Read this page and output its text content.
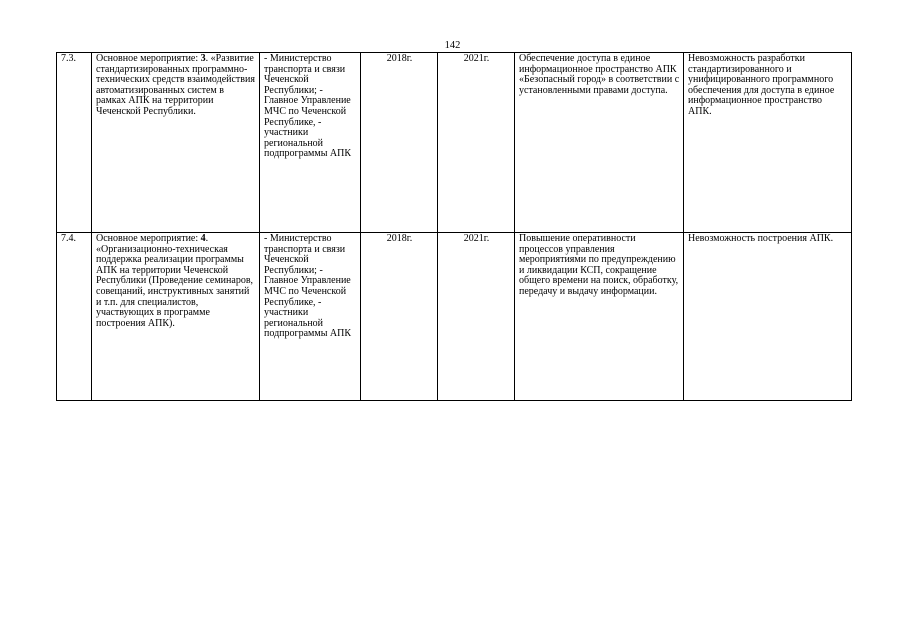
142
7.3.	Основное мероприятие: 3. «Развитие стандартизированных программно-технических средств взаимодействия автоматизированных систем в рамках АПК на территории Чеченской Республики.	- Министерство транспорта и связи Чеченской Республики; - Главное Управление МЧС по Чеченской Республике, - участники региональной подпрограммы АПК	2018г.	2021г.	Обеспечение доступа в единое информационное пространство АПК «Безопасный город» в соответствии с установленными правами доступа.	Невозможность разработки стандартизированного и унифицированного программного обеспечения для доступа в единое информационное пространство АПК.
7.4.	Основное мероприятие: 4. «Организационно-техническая поддержка реализации программы АПК на территории Чеченской Республики (Проведение семинаров, совещаний, инструктивных занятий и т.п. для специалистов, участвующих в программе построения АПК).	- Министерство транспорта и связи Чеченской Республики; - Главное Управление МЧС по Чеченской Республике, - участники региональной подпрограммы АПК	2018г.	2021г.	Повышение оперативности процессов управления мероприятиями по предупреждению и ликвидации КСП, сокращение общего времени на поиск, обработку, передачу и выдачу информации.	Невозможность построения АПК.
